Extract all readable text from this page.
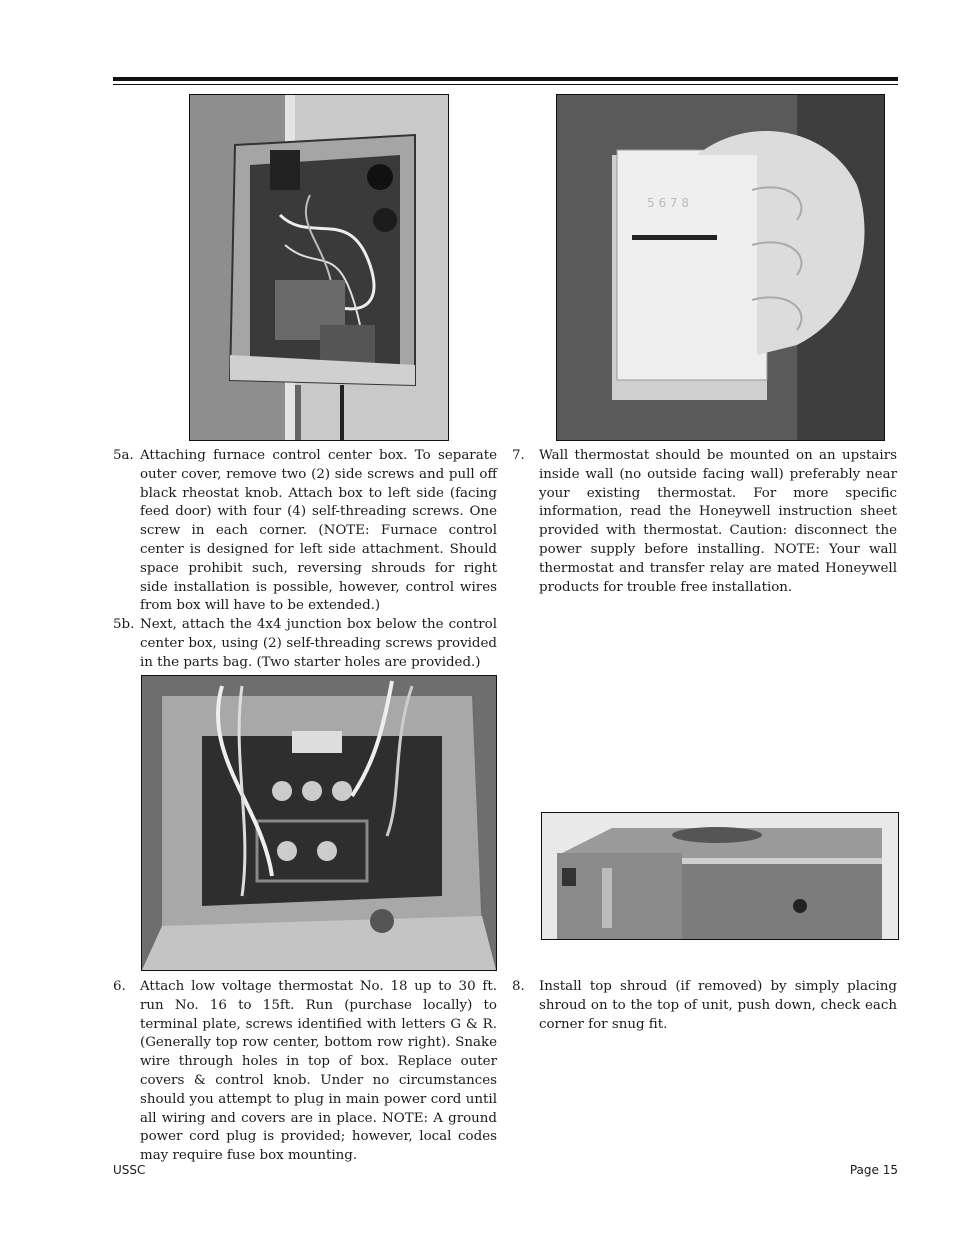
5 6 7 8
5a. Attaching furnace control center box. To separate outer cover, remove two (2) side screws and pull off black rheostat knob. Attach box to left side (facing feed door) with four (4) self-threading screws. One screw in each corner. (NOTE: Furnace control center is designed for left side attachment. Should space prohibit such, reversing shrouds for right side installation is possible, however, control wires from box will have to be extended.)
5b. Next, attach the 4x4 junction box below the control center box, using (2) self-threading screws provided in the parts bag. (Two starter holes are provided.)
6. Attach low voltage thermostat No. 18 up to 30 ft. run No. 16 to 15ft. Run (purchase locally) to terminal plate, screws identified with letters G & R. (Generally top row center, bottom row right). Snake wire through holes in top of box. Replace outer covers & control knob. Under no circumstances should you attempt to plug in main power cord until all wiring and covers are in place. NOTE: A ground power cord plug is provided; however, local codes may require fuse box mounting.
7. Wall thermostat should be mounted on an upstairs inside wall (no outside facing wall) preferably near your existing thermostat. For more specific information, read the Honeywell instruction sheet provided with thermostat. Caution: disconnect the power supply before installing. NOTE: Your wall thermostat and transfer relay are mated Honeywell products for trouble free installation.
8. Install top shroud (if removed) by simply placing shroud on to the top of unit, push down, check each corner for snug fit.
USSC	Page 15
